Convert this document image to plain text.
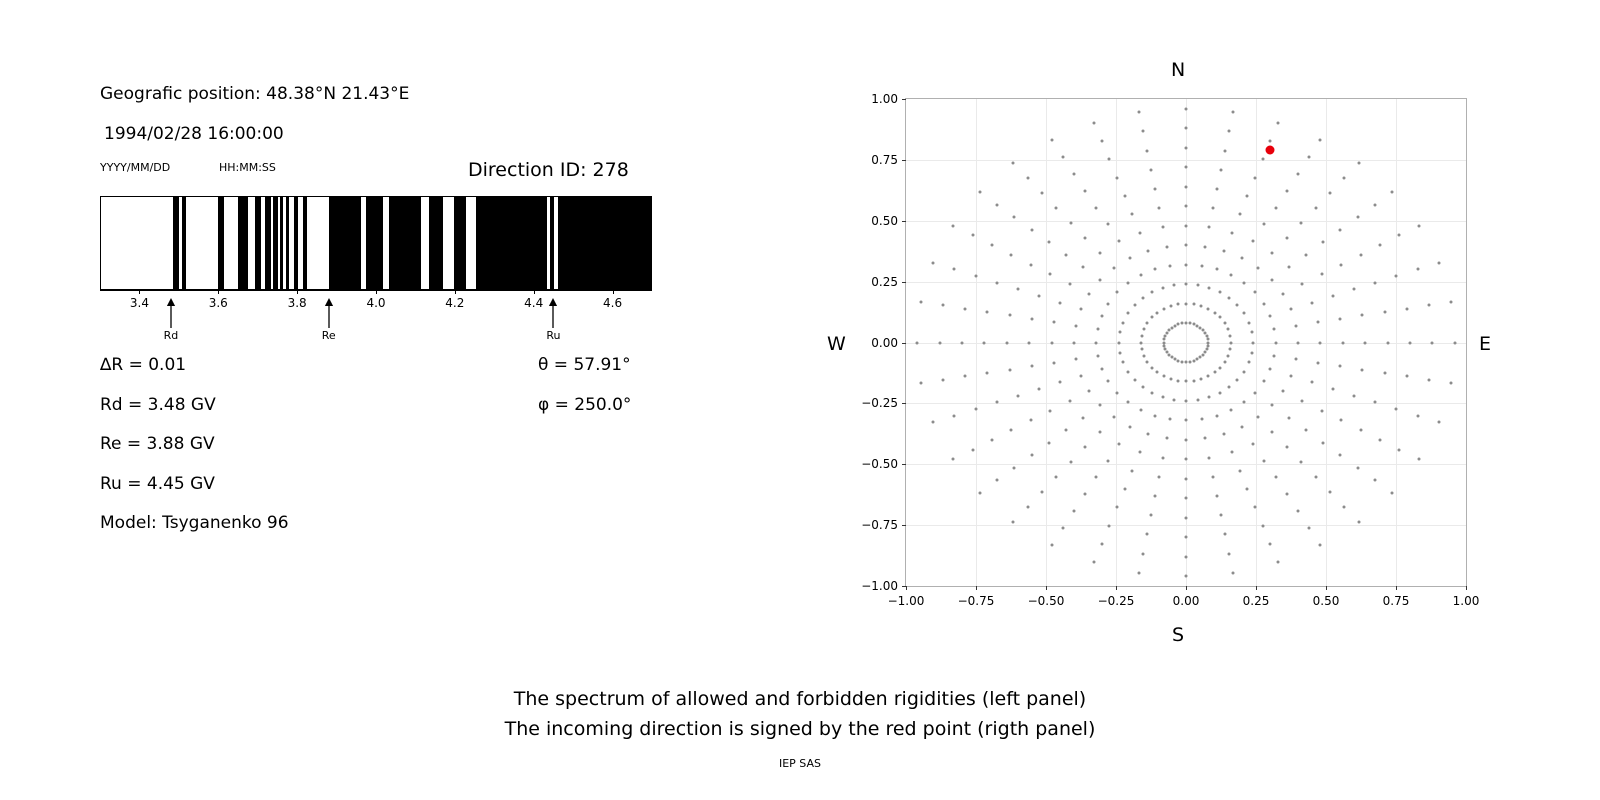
Geografic position: 48.38°N 21.43°E
1994/02/28 16:00:00
YYYY/MM/DD	HH:MM:SS	Direction ID: 278
3.4	3.6	3.8	4.0	4.2	4.6
4.4
Rd	Re	Ru
∆R = 0.01
Rd = 3.48 GV
Re = 3.88 GV
Ru = 4.45 GV
Model: Tsyganenko 96
θ = 57.91°
φ = 250.0°
−1.00
−0.75
−0.50
−0.25
0.00
0.25
0.50
0.75
1.00
−1.00	−0.75	−0.50	−0.25	0.00	0.25	0.50	0.75	1.00
N
S
W	E
The spectrum of allowed and forbidden rigidities (left panel)
The incoming direction is signed by the red point (rigth panel)
IEP SAS
